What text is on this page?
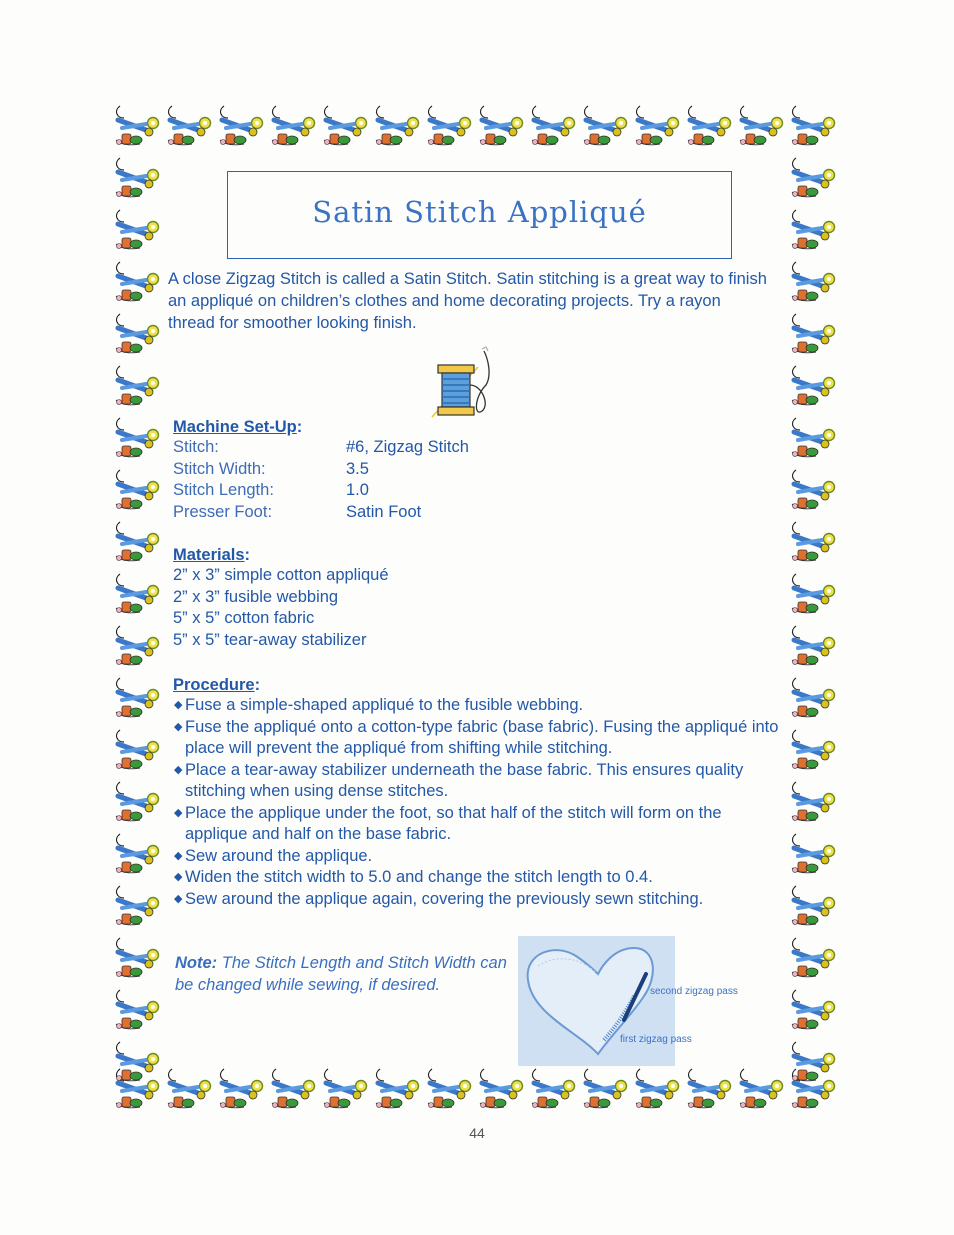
Satin Stitch Appliqué

A close Zigzag Stitch is called a Satin Stitch. Satin stitching is a great way to finish an appliqué on children’s clothes and home decorating projects. Try a rayon thread for smoother looking finish.

Machine Set-Up:

Stitch:	#6, Zigzag Stitch
Stitch Width:	3.5
Stitch Length:	1.0
Presser Foot:	Satin Foot

Materials:

2” x 3” simple cotton appliqué
2” x 3” fusible webbing
5” x 5” cotton fabric
5” x 5” tear-away stabilizer

Procedure:

◆ Fuse a simple-shaped appliqué to the fusible webbing.
◆ Fuse the appliqué onto a cotton-type fabric (base fabric). Fusing the appliqué into place will prevent the appliqué from shifting while stitching.
◆ Place a tear-away stabilizer underneath the base fabric. This ensures quality stitching when using dense stitches.
◆ Place the applique under the foot, so that half of the stitch will form on the applique and half on the base fabric.
◆ Sew around the applique.
◆ Widen the stitch width to 5.0 and change the stitch length to 0.4.
◆ Sew around the applique again, covering the previously sewn stitching.
Note: The Stitch Length and Stitch Width can be changed while sewing, if desired.	second zigzag pass
first zigzag pass
44
